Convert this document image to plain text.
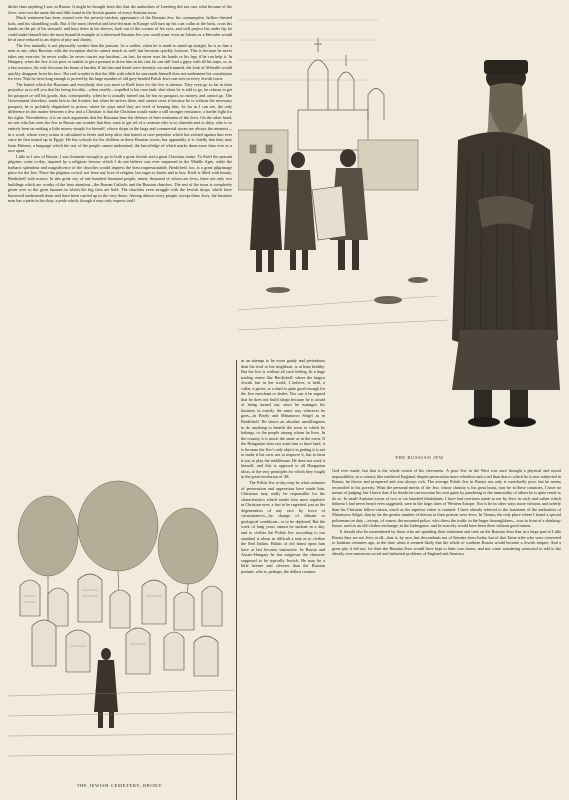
dirtier than anything I saw in Russia. It might be thought from this that the authorities of Lemberg did not care what became of the Jews, were not the same dirt and filth found in the Jewish quarter of every Austrian town.

Much sentiment has been wasted over the poverty-stricken appearance of the Russian Jew, his consumptive, hollow-chested look, and his shambling walk. But if the most cheerful and best-fed man in Europe will turn up his coat collar at the back, cross his hands on the pit of his stomach, and bury them in his sleeves, look out of the corners of his eyes, and well project his under lip, he could make himself into the most beautiful example of a distressed Russian Jew you could want: even an Adonis or a Hercules would be at once reduced to an object of pity and charity.

The Jew naturally is not physically weaker than the peasant. As a soldier, when he is made to stand up straight, he is as fine a man as any other Russian, with the exception that he cannot march as well, but becomes quickly footsore. This is because he never takes any exercise; he never walks, he never carries any burdens—in fact, he never uses his hands or his legs if he can help it. In Hungary, when the Jew is too poor or unable to get a peasant to drive him in his cart, he can still load a gipsy with all his traps, or, as a last resource, his wife becomes his beast of burden. If his hair and beard were decently cut and trimmed, the look of ill-health would quickly disappear from his face. The real wonder is that the filth with which he surrounds himself does not undermine his constitution for ever. That he lives long enough is proved by the large number of old grey-headed Polish Jews one sees in every Jewish town.

The hatred which the Russians and everybody else you meet in Kieff have for the Jew is intense. They even go so far in their prejudice as to tell you that his being forcibly—often cruelly—expelled is his own fault; that when he is told to go, he refuses to get his passport or sell his goods; that, consequently, when he is actually turned out, he has no passport, no money, and cannot go. The Government, therefore, sends him to the frontier; but when he arrives there, and cannot cross it because he is without the necessary passport, he is probably dispatched to prison, where he stays until they are tired of keeping him. As far as I can see, the only difference in this matter between a Jew and a Christian is that the Christian would make a still stronger resistance, a harder fight for his rights. Nevertheless, it is on such arguments that the Russians base the defence of their treatment of the Jews. On the other hand, no one who has seen the Jew in Russia can wonder that they want to get rid of a creature who is so clannish and so dirty, who is so entirely bent on making a little money simply for himself, whose shops in the large and commercial towns are always the meanest—in a word, whose every action is calculated to fester and keep alive that hatred or race-prejudice which has existed against him ever since he first turned up in Egypt. He has schools for his children in these Russian towns; but apparently it is chiefly that they may learn Hebrew, a language which the rest of the people cannot understand, the knowledge of which marks them more than ever as a race apart.

Little as I saw of Russia, I was fortunate enough to go to both a great Jewish and a great Christian centre. To Kieff the peasant pilgrims come to-day, inspired by a religious fervour which I do not believe was ever surpassed in the Middle Ages, while the barbaric splendour and magnificence of the churches would impress the least impressionable. Berdicheff, too, is a great pilgrimage place for the Jew. There the pilgrims crowd, not from any love of religion, but eager to barter and to buy. Kieff is filled with beauty, Berdicheff with misery. In this great city of one hundred thousand people, ninety thousand of whom are Jews, there are only two buildings which are worthy of the least attention—the Roman Catholic and the Russian churches. The rest of the town is completely given over to the great bazaars in which the big fairs are held. The churches even struggle with the Jewish shops, which have burrowed underneath them and have been carried up to the very doors. Among almost every people, except these Jews, the business man has a pride in his shop, a pride which, though it may only express itself

in an attempt to be more gaudy and pretentious than his rival or his neighbour, is at least healthy. But the Jew is without all such feeling. In a huge trading centre like Berdicheff, where the largest Jewish fair in the world, I believe, is held, a collar, a garret, or a shed is quite good enough for the Jew merchant or dealer. Nor can it be argued that he does not build shops because he is afraid of being turned out, since he manages his business in exactly the same way wherever he goes—in Brody and Miriamovo Selget as in Berdicheff. He shows an absolute unwillingness to do anything to benefit the town to which he belongs, or the people among whom he lives. In the country it is much the same as in the town. If the Hungarian does not want him to have land, it is because the Jew's only object in getting it is not to make it his own, not to improve it, but to farm it out, to play the middleman. He does not work it himself, and this is opposed to all Hungarian ideas, to the very principles for which they fought in the great revolution of '48.

The Polish Jew to-day may be what centuries of persecution and oppression have made him. Christians may really be responsible for the characteristics which render him most repulsive in Christian eyes; a fact to be regretted, just as the degeneration of any race by force of circumstances—by change of climate or geological conditions—is to be deplored. But the work of long years cannot be undone in a day, and to civilize the Polish Jew according to our standard is about as difficult a task as to civilize the Red Indian. Habits of old thrust upon him have at last become instinctive. In Russia and Austro-Hungary he has outgrown the character supposed to be typically Jewish. He may be a little keener and cleverer than the Russian peasant, who is, perhaps, the dullest creature

God ever made; but that is the whole extent of his cleverness. A poor Jew in the West was once thought a physical and moral impossibility; in a country like medieval England, despite persecution more relentless and cruel than that to which he is now subjected in Russia, he throve and prospered and was always rich. The average Polish Jew in Russia not only is wretchedly poor, but he seems reconciled to his poverty. What the personal merits of the Jew, whose chastity is his great boast, may be in these countries, I have no means of judging, but I knew that if he thinks he can increase his own gains by pandering to the immorality of others he is quite ready to do so. In small Austrian towns of two or six hundred inhabitants, I have had overtures made to me by Jews in curls and caftan which hitherto I had never heard even suggested, save in the large cities of Western Europe. Nor is he in other ways more virtuous and orderly than his Christian fellow-citizen, much as his superior virtue is vaunted. I have already referred to the statement of the authorities of Miriamovo Selget, that by far the greater number of thieves in their prisons were Jews. In Vienna, the only place where I found a special policeman on duty—except, of course, the mounted police, who direct the traffic in the larger thoroughfares—was in front of a drinking-house, used as an old-clothes exchange, in the Judengasse, and he scarcely would have been there without good reason.

It should also be remembered by those who are spending their sentiment and cash on the Russian Jews that in a large part of Little Russia they are not Jews at all—that is, by race, but descendants not of Semites from Judea, but of that Tartar tribe who were converted to Judaism centuries ago, at the time when it seemed likely that the whole of southern Russia would become a Jewish empire. And a great pity it did not, for then the Russian Jews would have kept to their own home, and not come wandering westward to add to the already over-numerous social and industrial problems of England and America.

THE RUSSIAN JEW.
THE JEWISH CEMETERY, BRODY.
